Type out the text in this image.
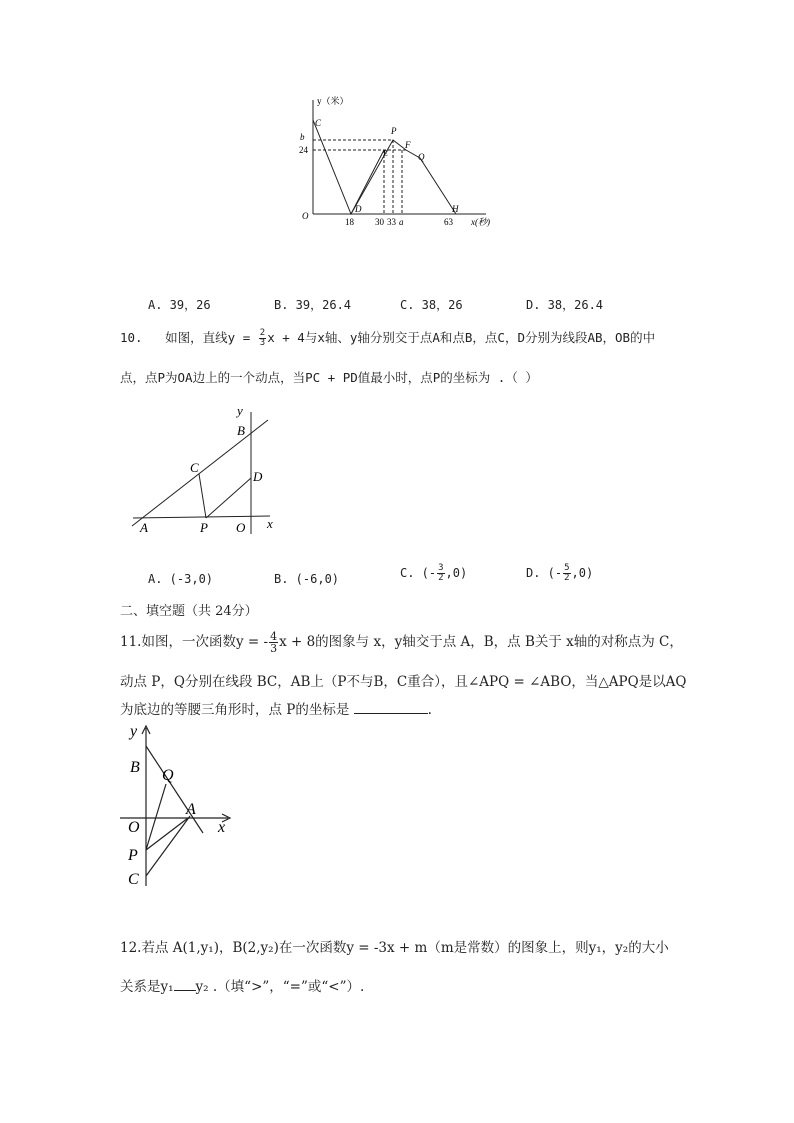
y（米）
x(秒)
O
b
24
18 30 33 a	63
C
D
E
P
F
Q
H
A. 39，26	B. 39，26.4	C. 38，26	D. 38，26.4
10. 如图，直线$y = \frac{2}{3}$ x + 4与x轴、y轴分别交于点A和点B，点C，D分别为线段AB，OB的中
点，点P为OA边上的一个动点，当PC + PD值最小时，点P的坐标为 .（ ）
y
B
C
D
A	P O x
A. (-3,0)	B. (-6,0)	C. (- $\frac{3}{2} ,0$)	D. (- $\frac{5}{2} ,0$)
二、填空题（共 24分）
11.如图，一次函数y = - $\frac{4}{3}$ x + 8的图象与 x，y轴交于点 A，B，点 B关于 x轴的对称点为 C，
动点 P，Q分别在线段 BC，AB上（P不与B，C重合），且∠APQ = ∠ABO，当△APQ是以AQ
为底边的等腰三角形时，点 P的坐标是	.
y
B Q
O
A
x
P
C
12.若点 A(1,y₁)，B(2,y₂)在一次函数y = -3x + m（m是常数）的图象上，则y₁，y₂的大小
关系是y₁ y₂ .（填“>”，“=”或“<”）.
